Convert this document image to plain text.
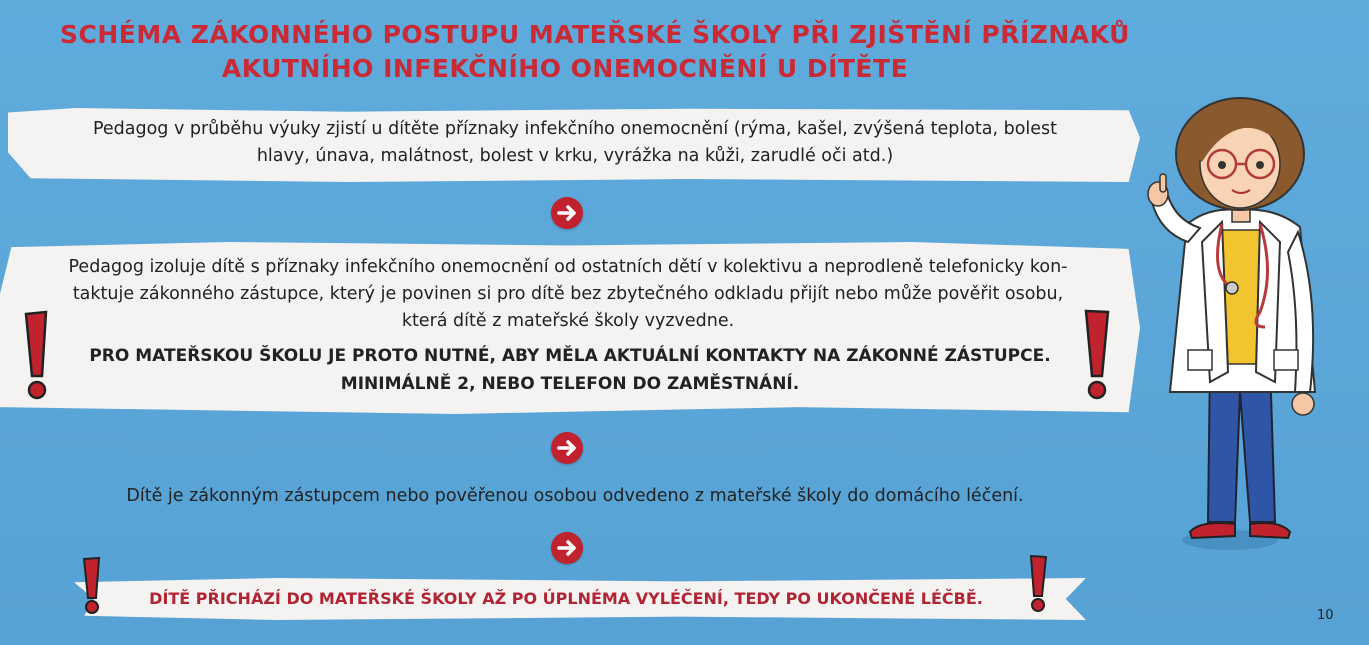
SCHÉMA ZÁKONNÉHO POSTUPU MATEŘSKÉ ŠKOLY PŘI ZJIŠTĚNÍ PŘÍZNAKŮ
AKUTNÍHO INFEKČNÍHO ONEMOCNĚNÍ U DÍTĚTE
Pedagog v průběhu výuky zjistí u dítěte příznaky infekčního onemocnění (rýma, kašel, zvýšená teplota, bolest
hlavy, únava, malátnost, bolest v krku, vyrážka na kůži, zarudlé oči atd.)
Pedagog izoluje dítě s příznaky infekčního onemocnění od ostatních dětí v kolektivu a neprodleně telefonicky kon-
taktuje zákonného zástupce, který je povinen si pro dítě bez zbytečného odkladu přijít nebo může pověřit osobu,
která dítě z mateřské školy vyzvedne.
PRO MATEŘSKOU ŠKOLU JE PROTO NUTNÉ, ABY MĚLA AKTUÁLNÍ KONTAKTY NA ZÁKONNÉ ZÁSTUPCE.
MINIMÁLNĚ 2, NEBO TELEFON DO ZAMĚSTNÁNÍ.
Dítě je zákonným zástupcem nebo pověřenou osobou odvedeno z mateřské školy do domácího léčení.
DÍTĚ PŘICHÁZÍ DO MATEŘSKÉ ŠKOLY AŽ PO ÚPLNÉMA VYLÉČENÍ, TEDY PO UKONČENÉ LÉČBĚ.
10
